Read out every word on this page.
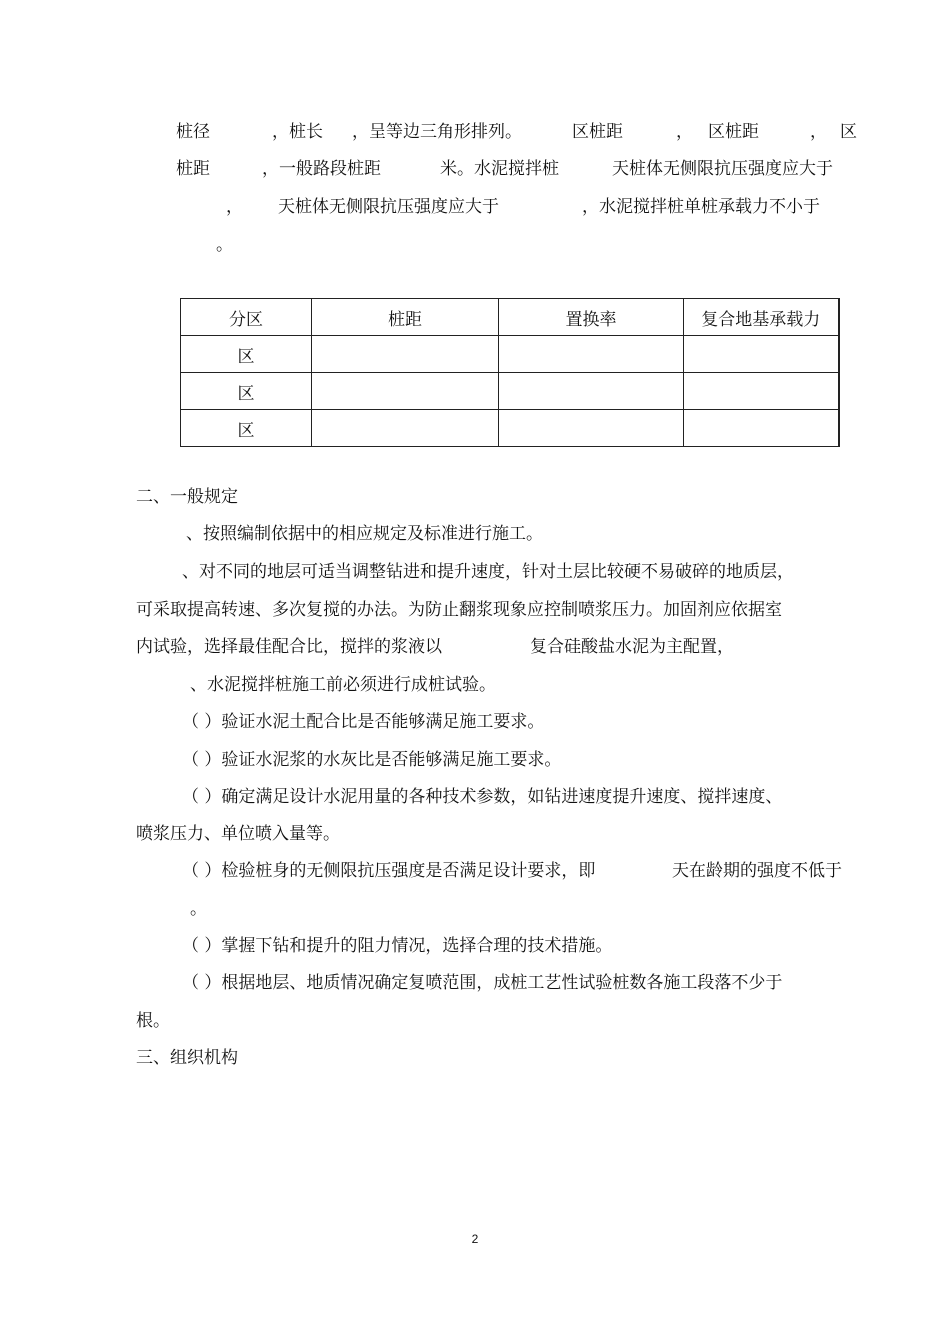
桩径	，桩长 ，呈等边三角形排列。	区桩距	， 区桩距	， 区
桩距	，一般路段桩距	米。水泥搅拌桩	天桩体无侧限抗压强度应大于
， 天桩体无侧限抗压强度应大于	，水泥搅拌桩单桩承载力不小于
。
分区	桩距	置换率	复合地基承载力
区			
区			
区			
二、一般规定
、按照编制依据中的相应规定及标准进行施工。
、对不同的地层可适当调整钻进和提升速度，针对土层比较硬不易破碎的地质层，
可采取提高转速、多次复搅的办法。为防止翻浆现象应控制喷浆压力。加固剂应依据室
内试验，选择最佳配合比，搅拌的浆液以	复合硅酸盐水泥为主配置，
、水泥搅拌桩施工前必须进行成桩试验。
（ ）验证水泥土配合比是否能够满足施工要求。
（ ）验证水泥浆的水灰比是否能够满足施工要求。
（ ）确定满足设计水泥用量的各种技术参数，如钻进速度提升速度、搅拌速度、
喷浆压力、单位喷入量等。
（ ）检验桩身的无侧限抗压强度是否满足设计要求，即	天在龄期的强度不低于
。
（ ）掌握下钻和提升的阻力情况，选择合理的技术措施。
（ ）根据地层、地质情况确定复喷范围，成桩工艺性试验桩数各施工段落不少于
根。
三、组织机构
2
